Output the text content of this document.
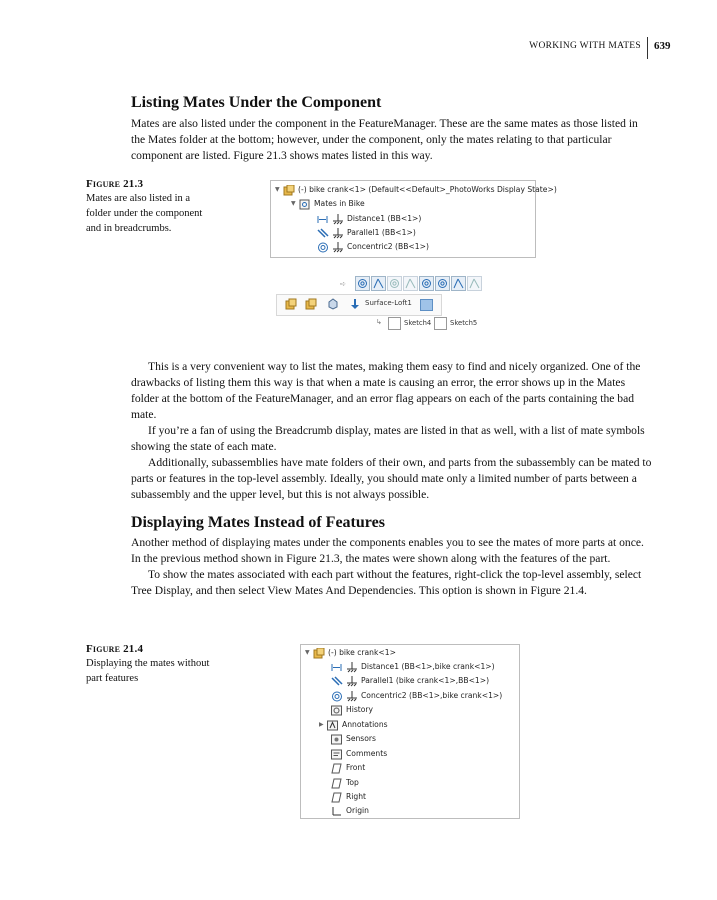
WORKING WITH MATES 639
Listing Mates Under the Component

Mates are also listed under the component in the FeatureManager. These are the same mates as those listed in the Mates folder at the bottom; however, under the component, only the mates relating to that particular component are listed. Figure 21.3 shows mates listed in this way.

Figure 21.3
Mates are also listed in a folder under the component and in breadcrumbs.
▼ (-) bike crank<1> (Default<<Default>_PhotoWorks Display State>)
▼ Mates in Bike
Distance1 (BB<1>)
Parallel1 (BB<1>)
Concentric2 (BB<1>)
➪
Surface-Loft1
↳	Sketch4	Sketch5

This is a very convenient way to list the mates, making them easy to find and nicely organized. One of the drawbacks of listing them this way is that when a mate is causing an error, the error shows up in the Mates folder at the bottom of the FeatureManager, and an error flag appears on each of the parts containing the bad mate.

If you’re a fan of using the Breadcrumb display, mates are listed in that as well, with a list of mate symbols showing the state of each mate.

Additionally, subassemblies have mate folders of their own, and parts from the subassembly can be mated to parts or features in the top-level assembly. Ideally, you should mate only a limited number of parts between a subassembly and the upper level, but this is not always possible.

Displaying Mates Instead of Features

Another method of displaying mates under the components enables you to see the mates of more parts at once. In the previous method shown in Figure 21.3, the mates were shown along with the features of the part.

To show the mates associated with each part without the features, right-click the top-level assembly, select Tree Display, and then select View Mates And Dependencies. This option is shown in Figure 21.4.

Figure 21.4
Displaying the mates without part features
▼ (-) bike crank<1>
Distance1 (BB<1>,bike crank<1>)
Parallel1 (bike crank<1>,BB<1>)
Concentric2 (BB<1>,bike crank<1>)
History
▶ Annotations
Sensors
Comments
Front
Top
Right
Origin
